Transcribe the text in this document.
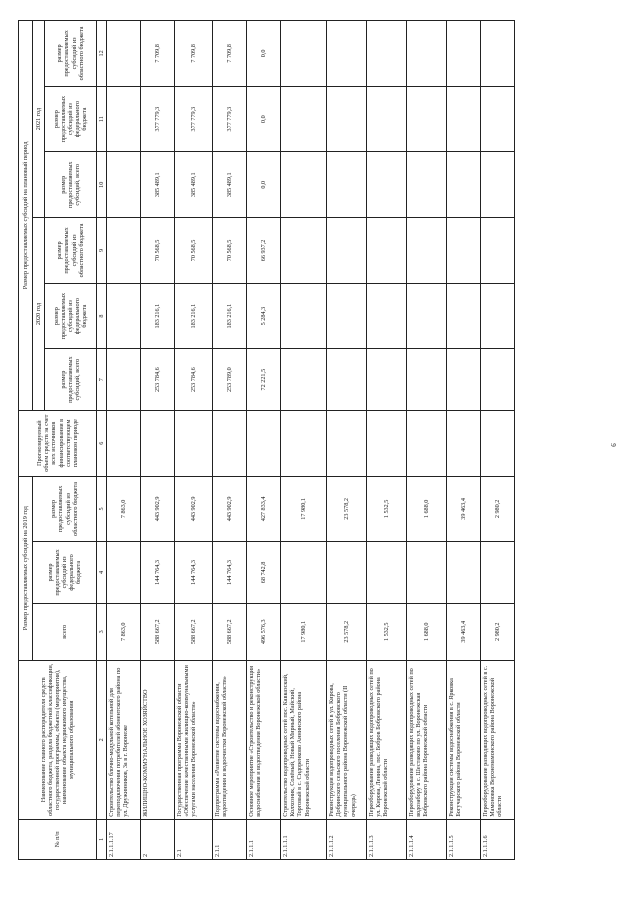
9
№ п/п	Наименование главного распорядителя средств областного бюджета, раздела бюджетной классификации, государственной программы, объекта (мероприятия), наименование объекта недвижимого имущества, муниципального образования	Размер предоставляемых субсидий на 2019 год			Прогнозируемый объем средств за счет всех источников финансирования в соответствующем плановом периоде	Размер предоставляемых субсидий на плановый период					
		всего	размер предоставляемых субсидий из федерального бюджета	размер предоставляемых субсидий из областного бюджета		2020 год			2021 год		
						размер предоставляемых субсидий, всего	размер предоставляемых субсидий из федерального бюджета	размер предоставляемых субсидий из областного бюджета	размер предоставляемых субсидий, всего	размер предоставляемых субсидий из федерального бюджета	размер предоставляемых субсидий из областного бюджета
1	2	3	4	5	6	7	8	9	10	11	12
2.1.1.1.17	Строительство блочно-модульной котельной для переподключения потребителей абонентского района по ул. Дружинников, 3а в г. Воронеже	7 863,0		7 863,0							
2	ЖИЛИЩНО-КОММУНАЛЬНОЕ ХОЗЯЙСТВО	588 667,2	144 764,3	443 902,9		253 784,6	183 216,1	70 568,5	385 489,1	377 779,3	7 709,8
2.1	Государственная программа Воронежской области «Обеспечение качественными жилищно-коммунальными услугами населения Воронежской области»	588 667,2	144 764,3	443 902,9		253 784,6	183 216,1	70 568,5	385 489,1	377 779,3	7 709,8
2.1.1	Подпрограмма «Развитие системы водоснабжения, водоотведения и водоочистки Воронежской области»	588 667,2	144 764,3	443 902,9		253 789,0	183 216,1	70 568,5	385 489,1	377 779,3	7 709,8
2.1.1.1	Основное мероприятие «Строительство и реконструкция водоснабжения и водоотведения Воронежской области»	496 576,3	68 742,8	427 833,4		72 221,5	5 284,3	66 937,2	0,0	0,0	0,0
2.1.1.1.1	Строительство водопроводных сетей пос. Кавказский, Колхозник, Солёный, Новый Мирный, Майский, Торговый в с. Сидоренково Аннинского района Воронежской области	17 980,1		17 980,1							
2.1.1.1.2	Реконструкция водопроводных сетей в ул. Кирова, Добринского сельского поселения Бобровского муниципального района Воронежской области (II очередь)	23 578,2		23 578,2							
2.1.1.1.3	Переоборудование разводящих водопроводных сетей по ул. Кирова, Ленина, пос. Бобров Бобровского района Воронежской области	1 532,5		1 532,5							
2.1.1.1.4	Переоборудование разводящих водопроводных сетей по водозабору в с. Шестаково по ул. Воронежская Бобровского района Воронежской области	1 688,0		1 688,0							
2.1.1.1.5	Реконструкция системы водоснабжения в с. Ярковка Богучарского района Воронежской области	39 463,4		39 463,4							
2.1.1.1.6	Переоборудование разводящих водопроводных сетей в с. Мамоновка Верхнемамонского района Воронежской области	2 980,2		2 980,2							
